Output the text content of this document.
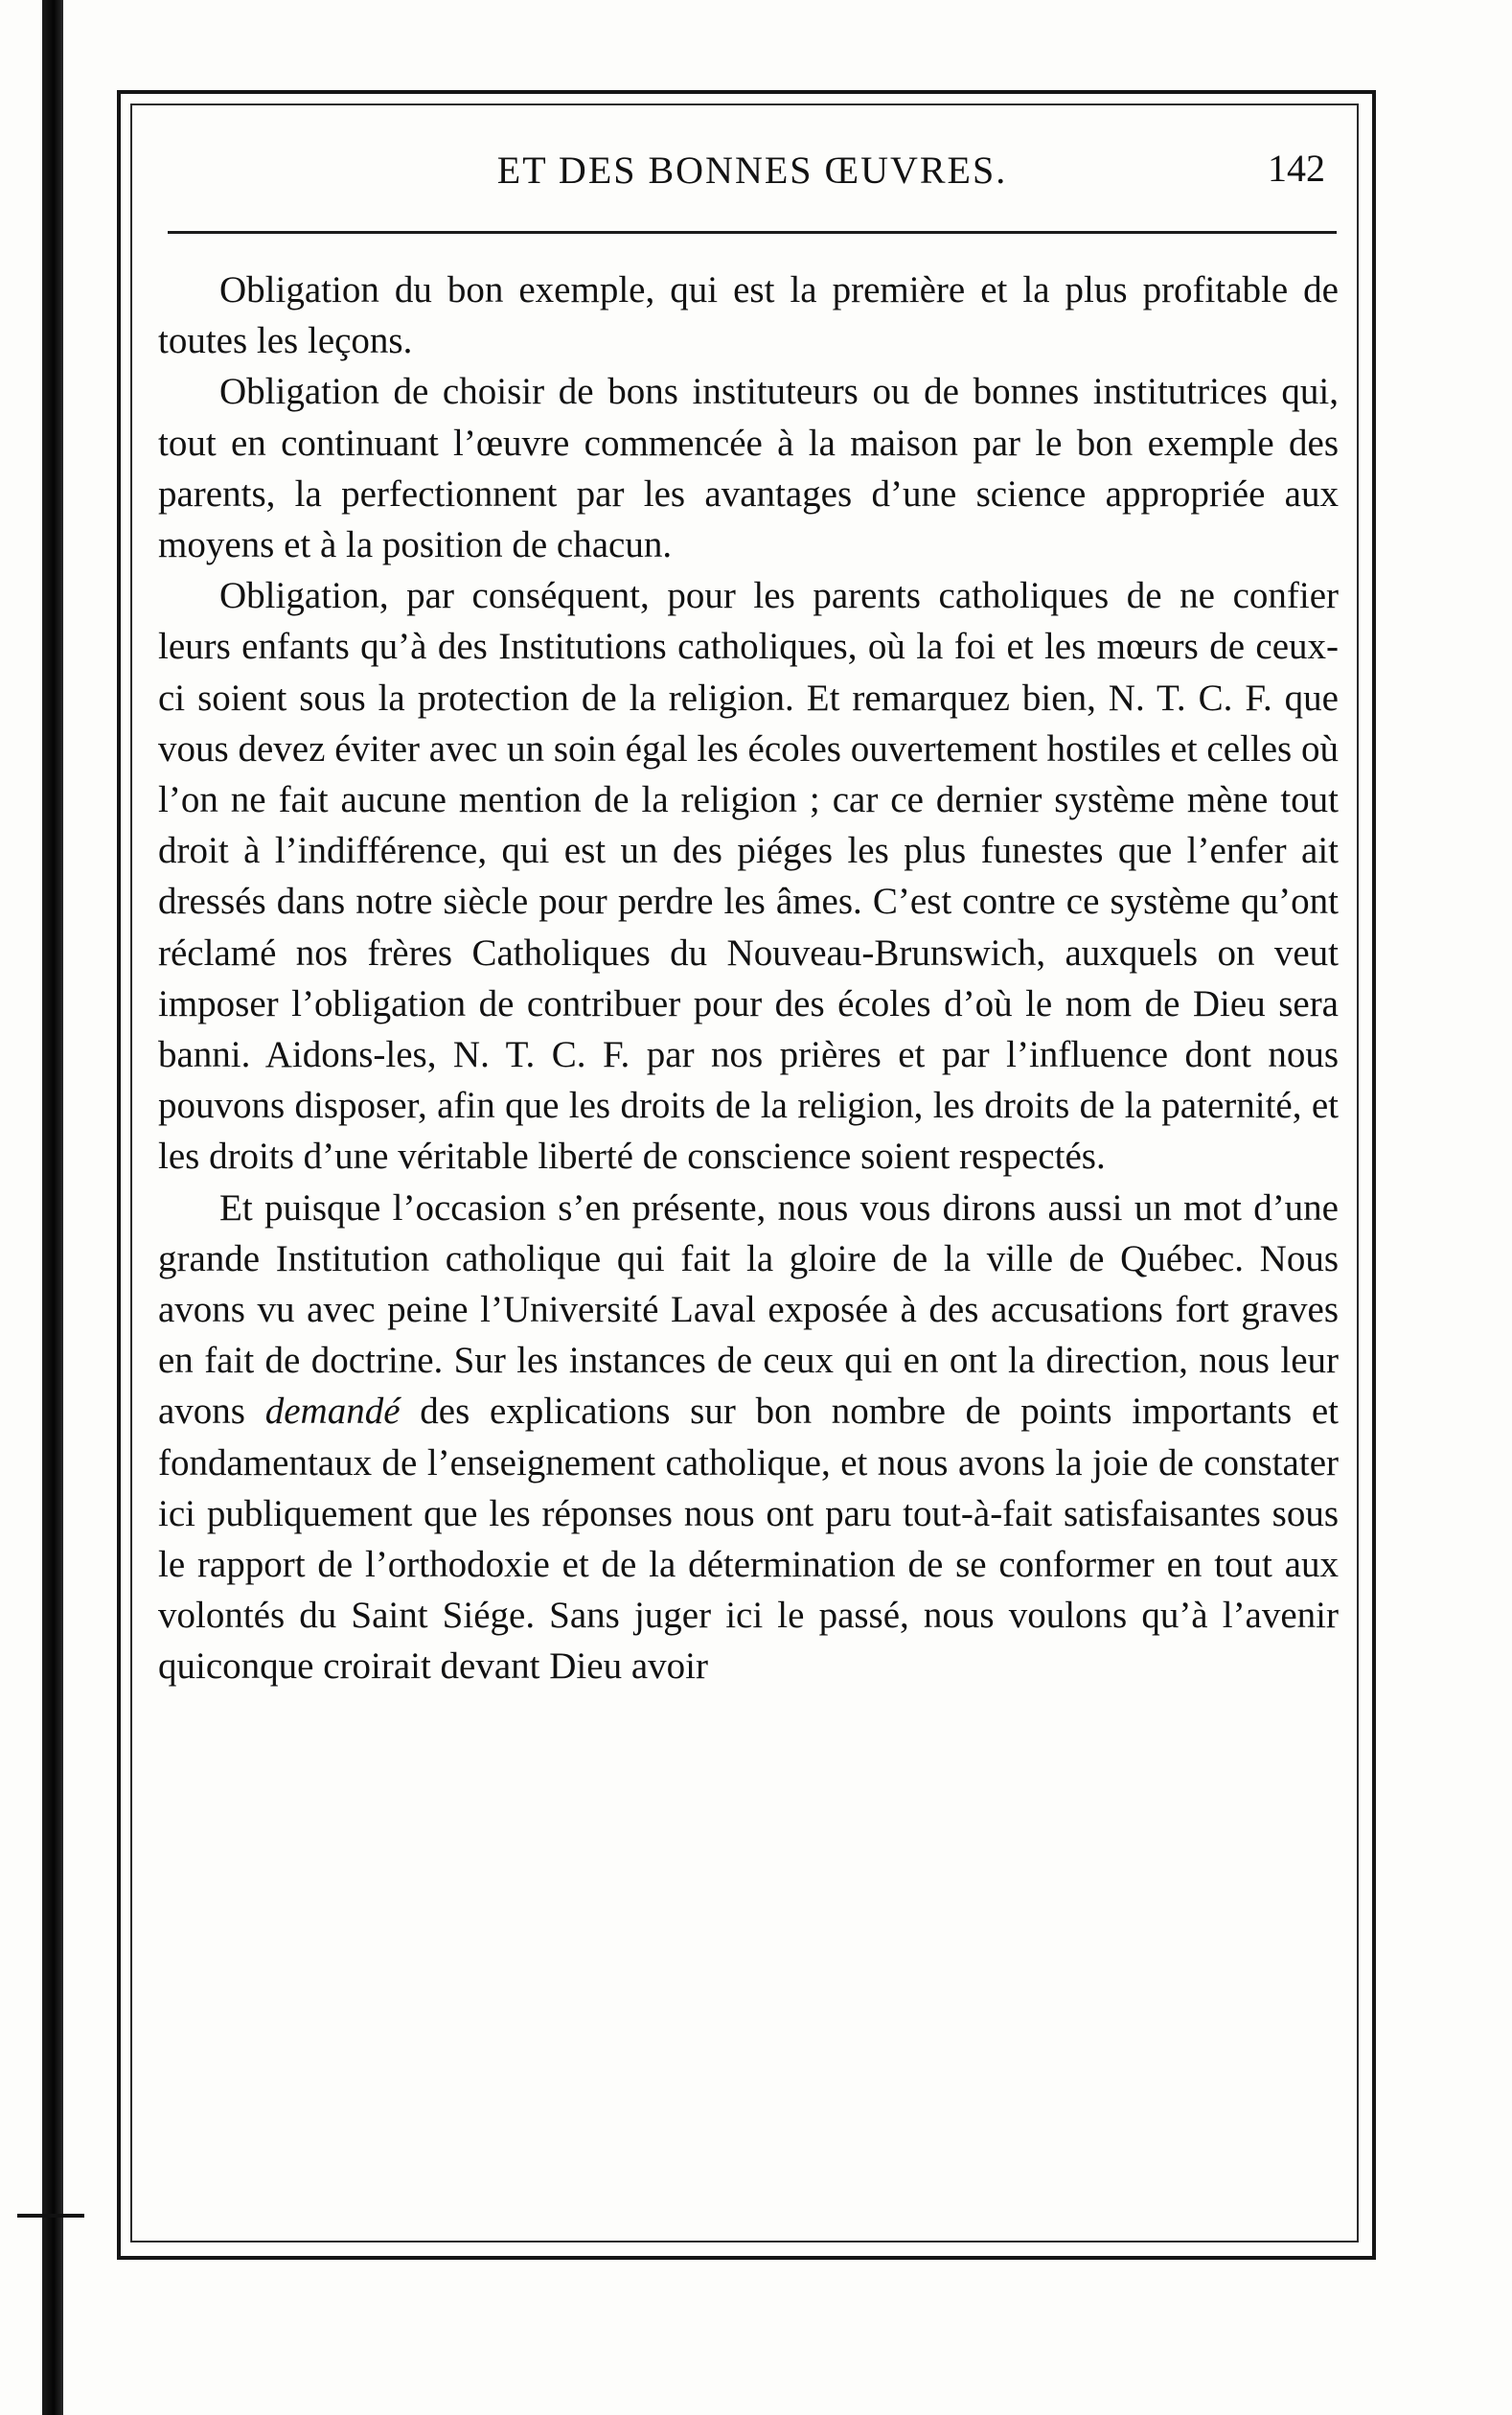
ET DES BONNES ŒUVRES.	142

Obligation du bon exemple, qui est la première et la plus profitable de toutes les leçons.

Obligation de choisir de bons instituteurs ou de bonnes institutrices qui, tout en continuant l’œuvre commencée à la maison par le bon exemple des parents, la perfectionnent par les avantages d’une science appropriée aux moyens et à la position de chacun.

Obligation, par conséquent, pour les parents catholiques de ne confier leurs enfants qu’à des Institutions catholiques, où la foi et les mœurs de ceux-ci soient sous la protection de la religion. Et remarquez bien, N. T. C. F. que vous devez éviter avec un soin égal les écoles ouvertement hostiles et celles où l’on ne fait aucune mention de la religion ; car ce dernier système mène tout droit à l’indifférence, qui est un des piéges les plus funestes que l’enfer ait dressés dans notre siècle pour perdre les âmes. C’est contre ce système qu’ont réclamé nos frères Catholiques du Nouveau-Brunswich, auxquels on veut imposer l’obligation de contribuer pour des écoles d’où le nom de Dieu sera banni. Aidons-les, N. T. C. F. par nos prières et par l’influence dont nous pouvons disposer, afin que les droits de la religion, les droits de la paternité, et les droits d’une véritable liberté de conscience soient respectés.

Et puisque l’occasion s’en présente, nous vous dirons aussi un mot d’une grande Institution catholique qui fait la gloire de la ville de Québec. Nous avons vu avec peine l’Université Laval exposée à des accusations fort graves en fait de doctrine. Sur les instances de ceux qui en ont la direction, nous leur avons demandé des explications sur bon nombre de points importants et fondamentaux de l’enseignement catholique, et nous avons la joie de constater ici publiquement que les réponses nous ont paru tout-à-fait satisfaisantes sous le rapport de l’orthodoxie et de la détermination de se conformer en tout aux volontés du Saint Siége. Sans juger ici le passé, nous voulons qu’à l’avenir quiconque croirait devant Dieu avoir
